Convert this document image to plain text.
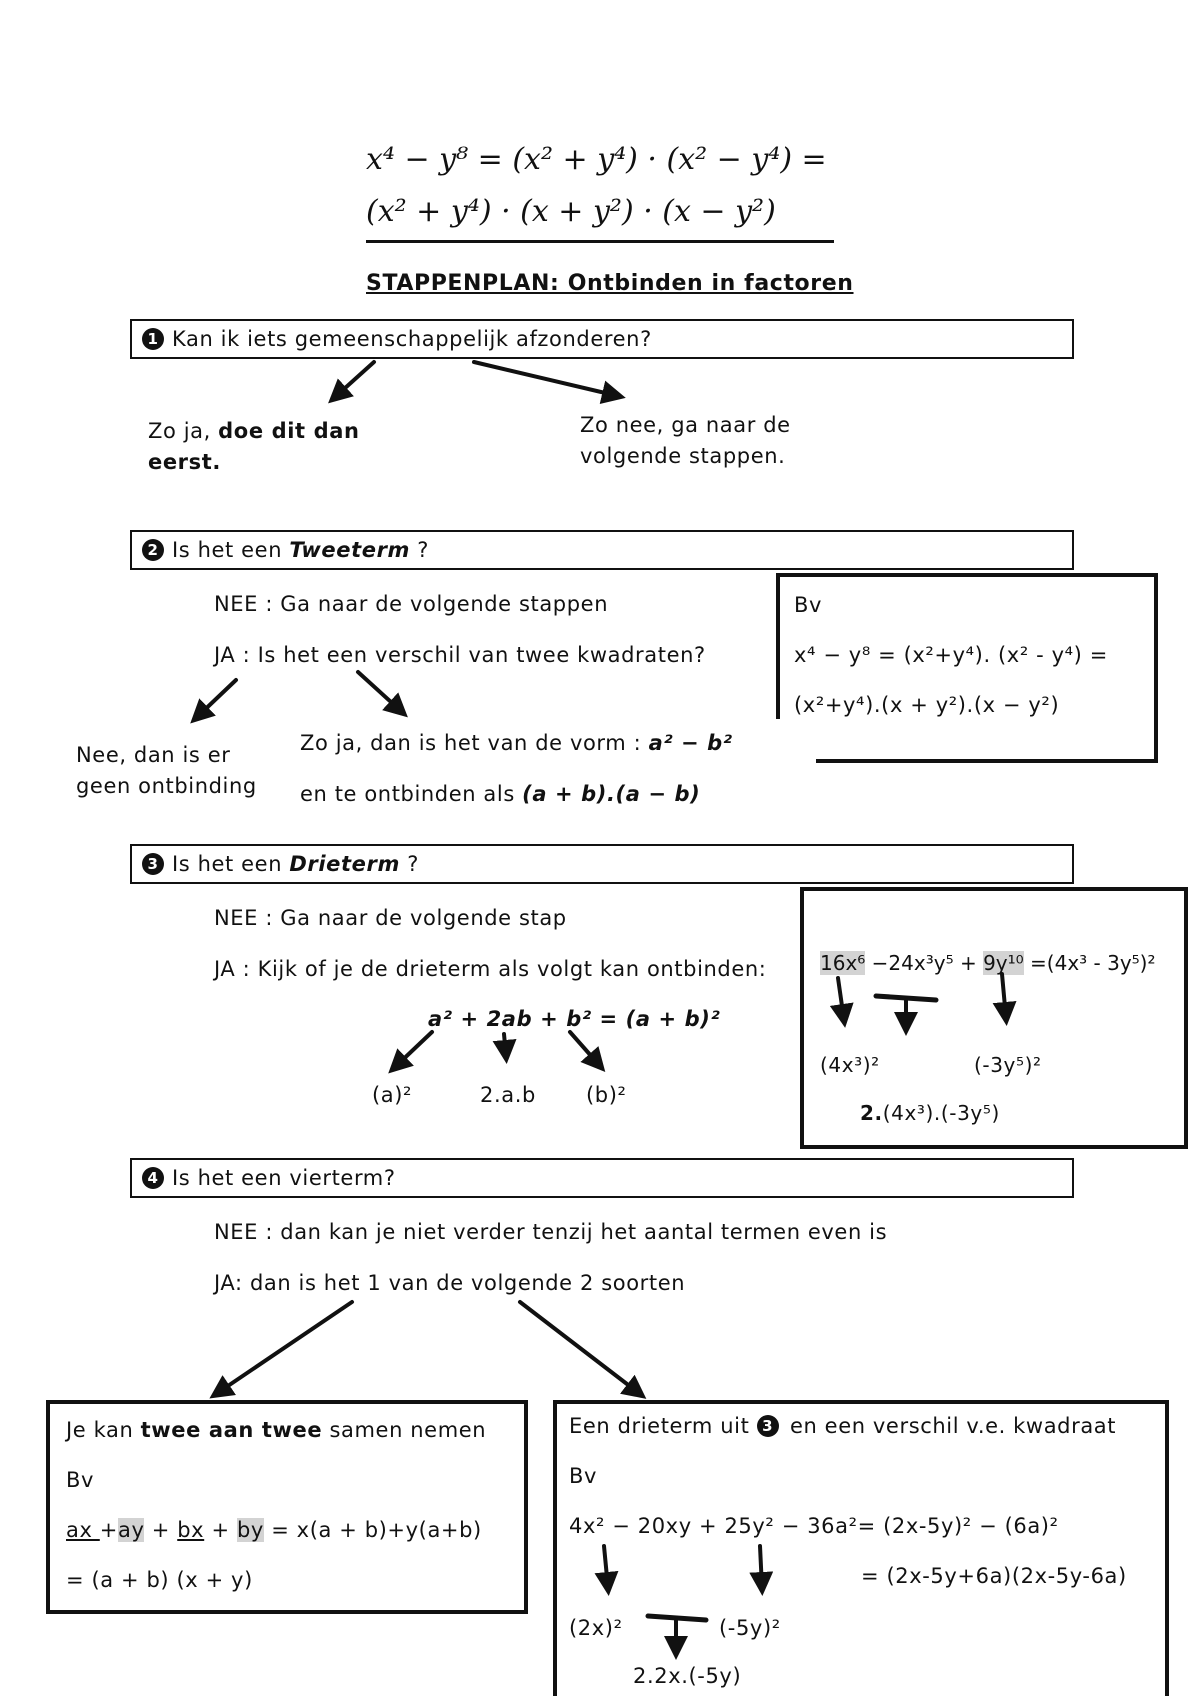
x⁴ − y⁸ = (x² + y⁴) · (x² − y⁴) =
(x² + y⁴) · (x + y²) · (x − y²)
STAPPENPLAN: Ontbinden in factoren
1 Kan ik iets gemeenschappelijk afzonderen?
Zo ja, doe dit dan
eerst.
Zo nee, ga naar de
volgende stappen.
2 Is het een Tweeterm ?
NEE : Ga naar de volgende stappen
JA : Is het een verschil van twee kwadraten?
Nee, dan is er
geen ontbinding
Zo ja, dan is het van de vorm : a² − b²
en te ontbinden als (a + b).(a − b)
Bv
x⁴ − y⁸ = (x²+y⁴). (x² - y⁴) =
(x²+y⁴).(x + y²).(x − y²)
3 Is het een Drieterm ?
NEE : Ga naar de volgende stap
JA : Kijk of je de drieterm als volgt kan ontbinden:
a² + 2ab + b² = (a + b)²
(a)²	2.a.b (b)²
16x⁶ −24x³y⁵ + 9y¹⁰ =(4x³ - 3y⁵)²
(4x³)²	(-3y⁵)²
2.(4x³).(-3y⁵)
4 Is het een vierterm?
NEE : dan kan je niet verder tenzij het aantal termen even is
JA: dan is het 1 van de volgende 2 soorten
Je kan twee aan twee samen nemen
Bv
ax +ay + bx + by = x(a + b)+y(a+b)
= (a + b) (x + y)
Een drieterm uit 3 en een verschil v.e. kwadraat
Bv
4x² − 20xy + 25y² − 36a²= (2x-5y)² − (6a)²
= (2x-5y+6a)(2x-5y-6a)
(2x)²	(-5y)²
2.2x.(-5y)
